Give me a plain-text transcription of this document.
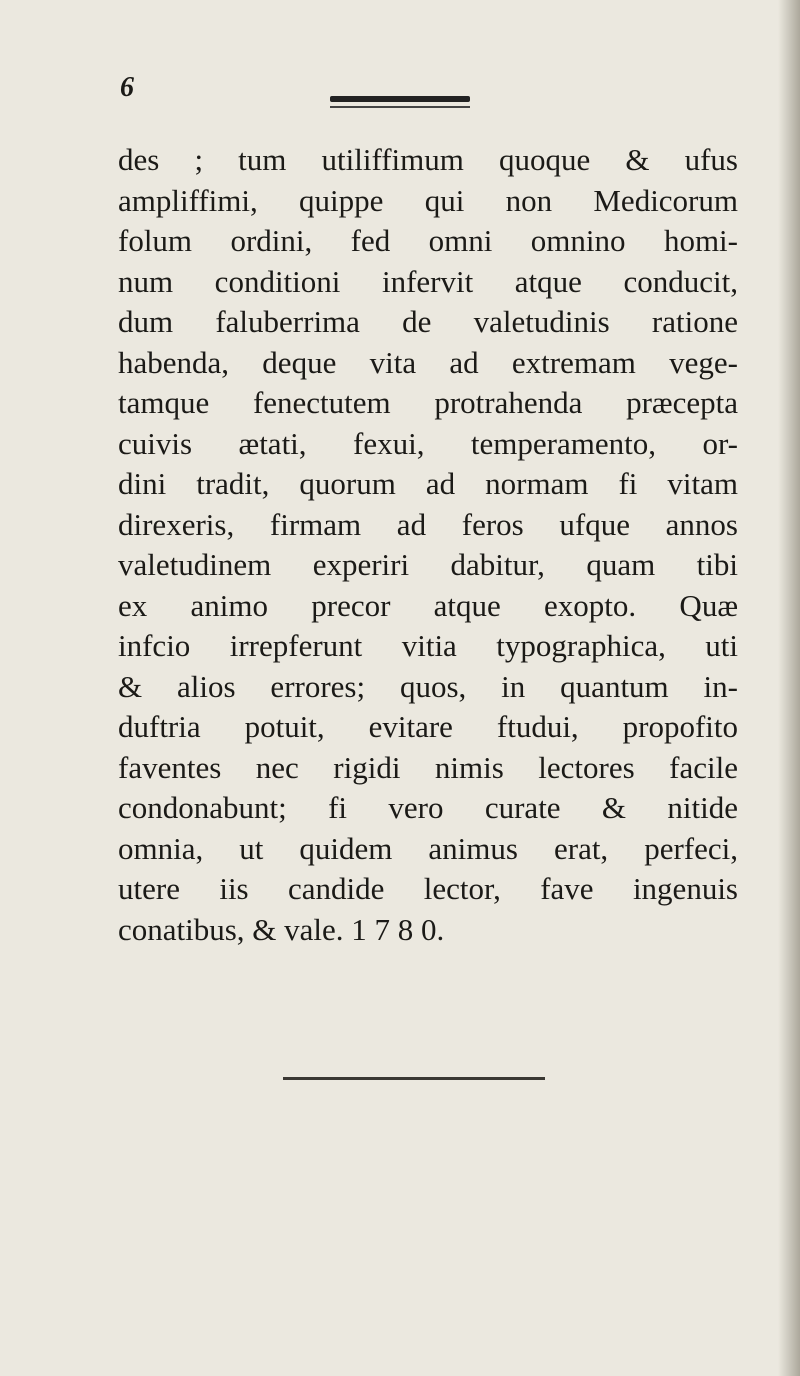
6
des ; tum utiliffimum quoque & ufus
ampliffimi, quippe qui non Medicorum
folum ordini, fed omni omnino homi-
num conditioni infervit atque conducit,
dum faluberrima de valetudinis ratione
habenda, deque vita ad extremam vege-
tamque fenectutem protrahenda præcepta
cuivis ætati, fexui, temperamento, or-
dini tradit, quorum ad normam fi vitam
direxeris, firmam ad feros ufque annos
valetudinem experiri dabitur, quam tibi
ex animo precor atque exopto. Quæ
infcio irrepferunt vitia typographica, uti
& alios errores; quos, in quantum in-
duftria potuit, evitare ftudui, propofito
faventes nec rigidi nimis lectores facile
condonabunt; fi vero curate & nitide
omnia, ut quidem animus erat, perfeci,
utere iis candide lector, fave ingenuis
conatibus, & vale. 1 7 8 0.
